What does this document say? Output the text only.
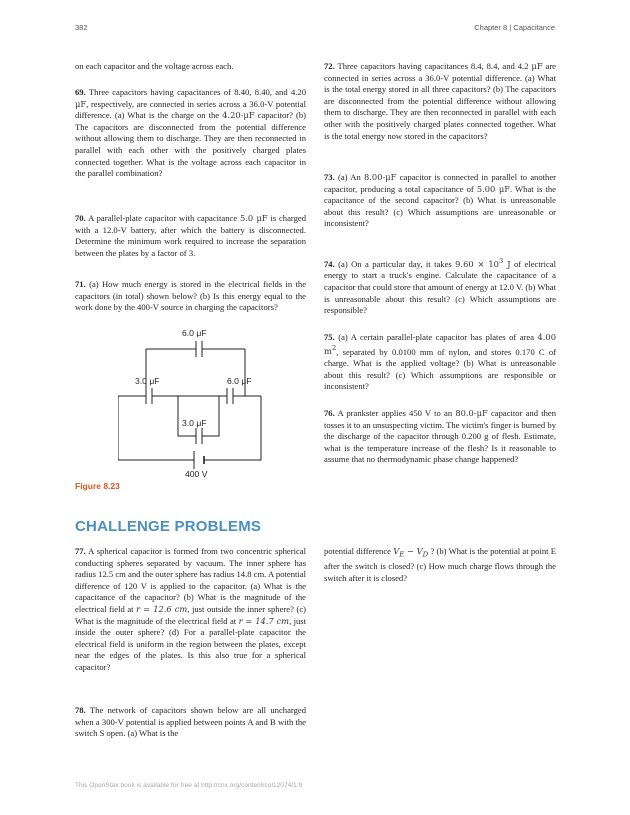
382	Chapter 8 | Capacitance

on each capacitor and the voltage across each.

69. Three capacitors having capacitances of 8.40, 8.40, and 4.20 μF, respectively, are connected in series across a 36.0-V potential difference. (a) What is the charge on the 4.20-μF capacitor? (b) The capacitors are disconnected from the potential difference without allowing them to discharge. They are then reconnected in parallel with each other with the positively charged plates connected together. What is the voltage across each capacitor in the parallel combination?

70. A parallel-plate capacitor with capacitance 5.0 μF is charged with a 12.0-V battery, after which the battery is disconnected. Determine the minimum work required to increase the separation between the plates by a factor of 3.

71. (a) How much energy is stored in the electrical fields in the capacitors (in total) shown below? (b) Is this energy equal to the work done by the 400-V source in charging the capacitors?

6.0 μF
3.0 μF	6.0 μF
3.0 μF
400 V
Figure 8.23

72. Three capacitors having capacitances 8.4, 8.4, and 4.2 μF are connected in series across a 36.0-V potential difference. (a) What is the total energy stored in all three capacitors? (b) The capacitors are disconnected from the potential difference without allowing them to discharge. They are then reconnected in parallel with each other with the positively charged plates connected together. What is the total energy now stored in the capacitors?

73. (a) An 8.00-μF capacitor is connected in parallel to another capacitor, producing a total capacitance of 5.00 μF. What is the capacitance of the second capacitor? (b) What is unreasonable about this result? (c) Which assumptions are unreasonable or inconsistent?

74. (a) On a particular day, it takes $9.60 \times 10^3$ J of electrical energy to start a truck's engine. Calculate the capacitance of a capacitor that could store that amount of energy at 12.0 V. (b) What is unreasonable about this result? (c) Which assumptions are responsible?

75. (a) A certain parallel-plate capacitor has plates of area 4.00 $m^2$, separated by 0.0100 mm of nylon, and stores 0.170 C of charge. What is the applied voltage? (b) What is unreasonable about this result? (c) Which assumptions are responsible or inconsistent?

76. A prankster applies 450 V to an 80.0-μF capacitor and then tosses it to an unsuspecting victim. The victim's finger is burned by the discharge of the capacitor through 0.200 g of flesh. Estimate, what is the temperature increase of the flesh? Is it reasonable to assume that no thermodynamic phase change happened?

CHALLENGE PROBLEMS

77. A spherical capacitor is formed from two concentric spherical conducting spheres separated by vacuum. The inner sphere has radius 12.5 cm and the outer sphere has radius 14.8 cm. A potential difference of 120 V is applied to the capacitor. (a) What is the capacitance of the capacitor? (b) What is the magnitude of the electrical field at r = 12.6 cm, just outside the inner sphere? (c) What is the magnitude of the electrical field at r = 14.7 cm, just inside the outer sphere? (d) For a parallel-plate capacitor the electrical field is uniform in the region between the plates, except near the edges of the plates. Is this also true for a spherical capacitor?

78. The network of capacitors shown below are all uncharged when a 300-V potential is applied between points A and B with the switch S open. (a) What is the

potential difference $V_E - V_D$ ? (b) What is the potential at point E after the switch is closed? (c) How much charge flows through the switch after it is closed?

This OpenStax book is available for free at http://cnx.org/content/col12074/1.9
